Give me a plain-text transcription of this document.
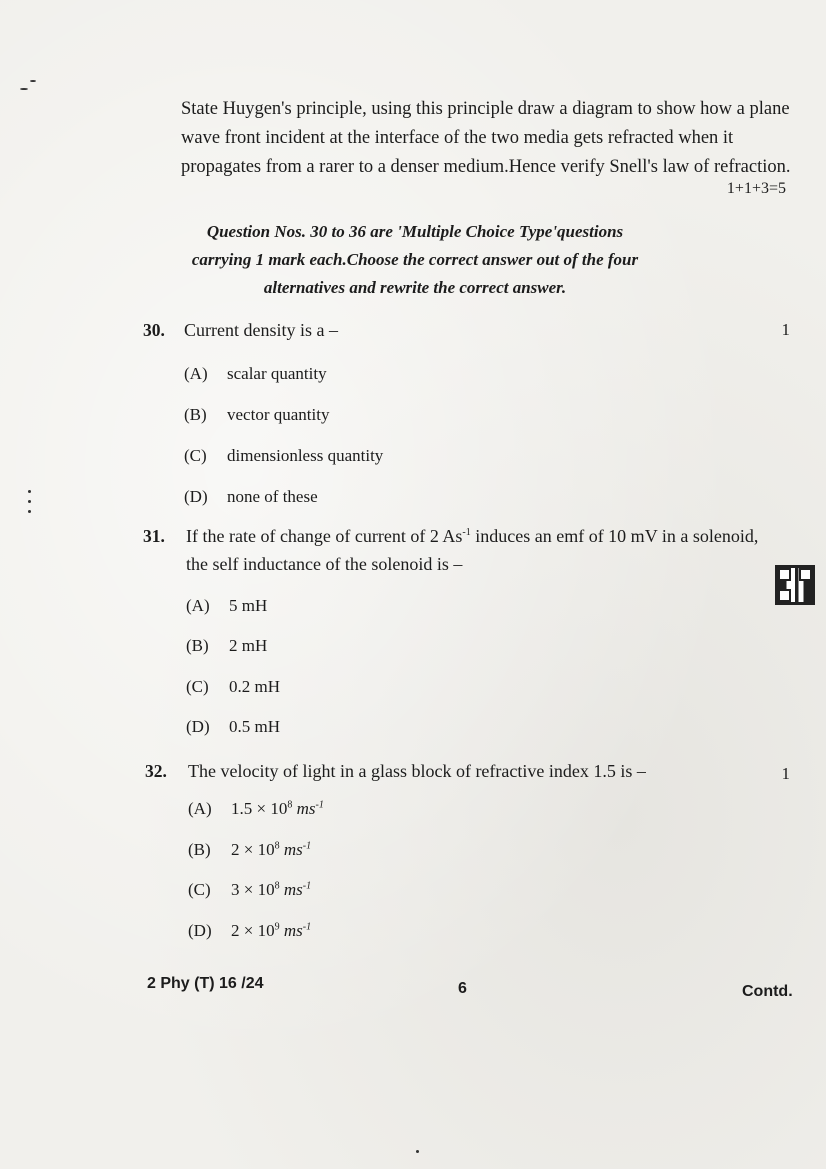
State Huygen's principle, using this principle draw a diagram to show how a plane
wave front incident at the interface of the two media gets refracted when it
propagates from a rarer to a denser medium.Hence verify Snell's law of refraction.
1+1+3=5
Question Nos. 30 to 36 are 'Multiple Choice Type'questions
carrying 1 mark each.Choose the correct answer out of the four
alternatives and rewrite the correct answer.
30. Current density is a –	1
(A) scalar quantity
(B) vector quantity
(C) dimensionless quantity
(D) none of these
31. If the rate of change of current of 2 $As^{-1}$ induces an emf of 10 mV in a solenoid,
the self inductance of the solenoid is –
(A) 5 mH
(B) 2 mH
(C) 0.2 mH
(D) 0.5 mH
32. The velocity of light in a glass block of refractive index 1.5 is –	1
(A) $1.5 \times 10^8$ $ms^{-1}$
(B) $2 \times 10^8$ $ms^{-1}$
(C) $3 \times 10^8$ $ms^{-1}$
(D) $2 \times 10^9$ $ms^{-1}$
2 Phy (T) 16 /24	6	Contd.
